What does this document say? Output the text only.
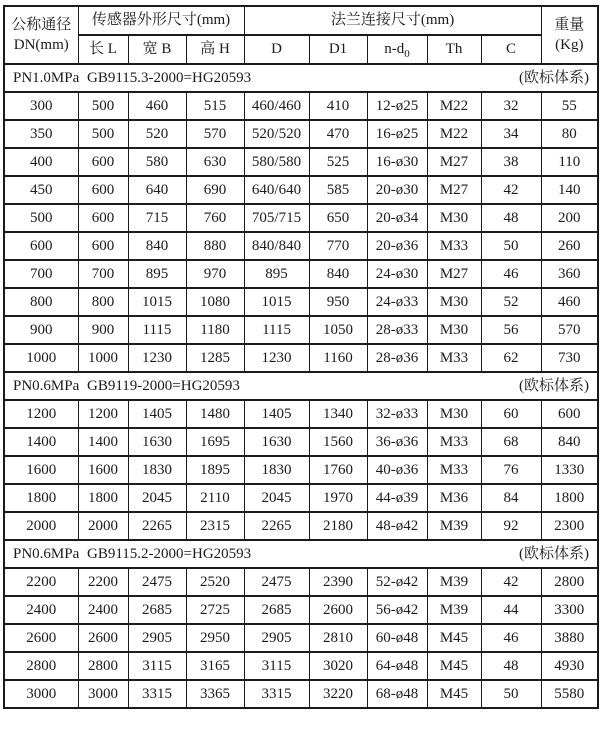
公称通径
DN(mm)
	传感器外形尺寸(mm)	法兰连接尺寸(mm)	重量
(Kg)

	长 L	宽 B	高 H	D	D1	$n-d_0$	Th	C	

(欧标体系)
PN1.0MPa GB9115.3-2000=HG20593									
300	500	460	515	460/460	410	12-ø25	M22	32	55
350	500	520	570	520/520	470	16-ø25	M22	34	80
400	600	580	630	580/580	525	16-ø30	M27	38	110
450	600	640	690	640/640	585	20-ø30	M27	42	140
500	600	715	760	705/715	650	20-ø34	M30	48	200
600	600	840	880	840/840	770	20-ø36	M33	50	260
700	700	895	970	895	840	24-ø30	M27	46	360
800	800	1015	1080	1015	950	24-ø33	M30	52	460
900	900	1115	1180	1115	1050	28-ø33	M30	56	570
1000	1000	1230	1285	1230	1160	28-ø36	M33	62	730

(欧标体系)
PN0.6MPa GB9119-2000=HG20593									
1200	1200	1405	1480	1405	1340	32-ø33	M30	60	600
1400	1400	1630	1695	1630	1560	36-ø36	M33	68	840
1600	1600	1830	1895	1830	1760	40-ø36	M33	76	1330
1800	1800	2045	2110	2045	1970	44-ø39	M36	84	1800
2000	2000	2265	2315	2265	2180	48-ø42	M39	92	2300

(欧标体系)
PN0.6MPa GB9115.2-2000=HG20593									
2200	2200	2475	2520	2475	2390	52-ø42	M39	42	2800
2400	2400	2685	2725	2685	2600	56-ø42	M39	44	3300
2600	2600	2905	2950	2905	2810	60-ø48	M45	46	3880
2800	2800	3115	3165	3115	3020	64-ø48	M45	48	4930
3000	3000	3315	3365	3315	3220	68-ø48	M45	50	5580
